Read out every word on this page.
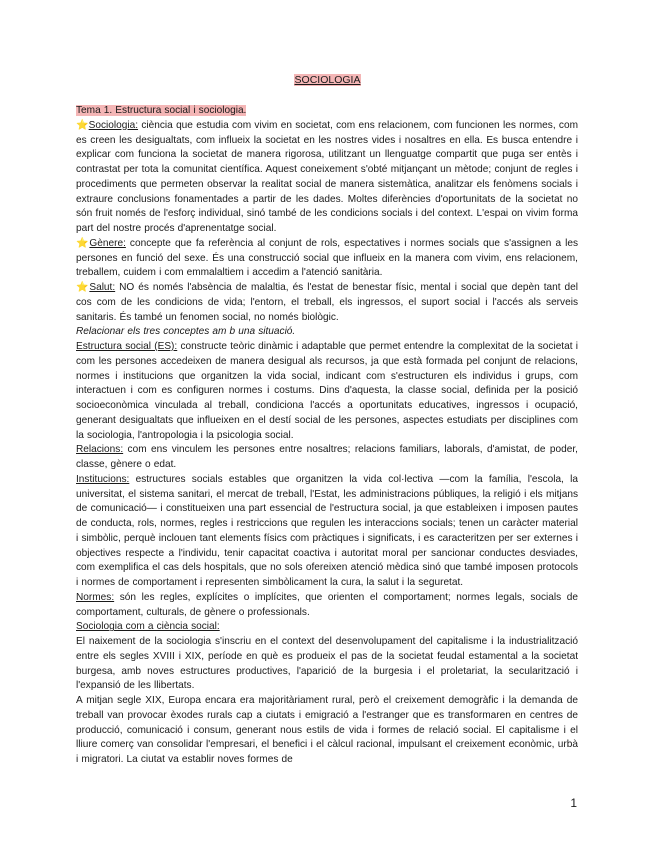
SOCIOLOGIA

Tema 1. Estructura social i sociologia.

⭐Sociologia: ciència que estudia com vivim en societat, com ens relacionem, com funcionen les normes, com es creen les desigualtats, com influeix la societat en les nostres vides i nosaltres en ella. Es busca entendre i explicar com funciona la societat de manera rigorosa, utilitzant un llenguatge compartit que puga ser entès i contrastat per tota la comunitat científica. Aquest coneixement s'obté mitjançant un mètode; conjunt de regles i procediments que permeten observar la realitat social de manera sistemàtica, analitzar els fenòmens socials i extraure conclusions fonamentades a partir de les dades. Moltes diferències d'oportunitats de la societat no són fruit només de l'esforç individual, sinó també de les condicions socials i del context. L'espai on vivim forma part del nostre procés d'aprenentatge social.

⭐Gènere: concepte que fa referència al conjunt de rols, espectatives i normes socials que s'assignen a les persones en funció del sexe. És una construcció social que influeix en la manera com vivim, ens relacionem, treballem, cuidem i com emmalaltiem i accedim a l'atenció sanitària.

⭐Salut: NO és només l'absència de malaltia, és l'estat de benestar físic, mental i social que depèn tant del cos com de les condicions de vida; l'entorn, el treball, els ingressos, el suport social i l'accés als serveis sanitaris. És també un fenomen social, no només biològic.

Relacionar els tres conceptes am b una situació.

Estructura social (ES): constructe teòric dinàmic i adaptable que permet entendre la complexitat de la societat i com les persones accedeixen de manera desigual als recursos, ja que està formada pel conjunt de relacions, normes i institucions que organitzen la vida social, indicant com s'estructuren els individus i grups, com interactuen i com es configuren normes i costums. Dins d'aquesta, la classe social, definida per la posició socioeconòmica vinculada al treball, condiciona l'accés a oportunitats educatives, ingressos i ocupació, generant desigualtats que influeixen en el destí social de les persones, aspectes estudiats per disciplines com la sociologia, l'antropologia i la psicologia social.

Relacions: com ens vinculem les persones entre nosaltres; relacions familiars, laborals, d'amistat, de poder, classe, gènere o edat.

Institucions: estructures socials estables que organitzen la vida col·lectiva —com la família, l'escola, la universitat, el sistema sanitari, el mercat de treball, l'Estat, les administracions públiques, la religió i els mitjans de comunicació— i constitueixen una part essencial de l'estructura social, ja que estableixen i imposen pautes de conducta, rols, normes, regles i restriccions que regulen les interaccions socials; tenen un caràcter material i simbòlic, perquè inclouen tant elements físics com pràctiques i significats, i es caracteritzen per ser externes i objectives respecte a l'individu, tenir capacitat coactiva i autoritat moral per sancionar conductes desviades, com exemplifica el cas dels hospitals, que no sols ofereixen atenció mèdica sinó que també imposen protocols i normes de comportament i representen simbòlicament la cura, la salut i la seguretat.

Normes: són les regles, explícites o implícites, que orienten el comportament; normes legals, socials de comportament, culturals, de gènere o professionals.

Sociologia com a ciència social:

El naixement de la sociologia s'inscriu en el context del desenvolupament del capitalisme i la industrialització entre els segles XVIII i XIX, període en què es produeix el pas de la societat feudal estamental a la societat burgesa, amb noves estructures productives, l'aparició de la burgesia i el proletariat, la secularització i l'expansió de les llibertats.

A mitjan segle XIX, Europa encara era majoritàriament rural, però el creixement demogràfic i la demanda de treball van provocar èxodes rurals cap a ciutats i emigració a l'estranger que es transformaren en centres de producció, comunicació i consum, generant nous estils de vida i formes de relació social. El capitalisme i el lliure comerç van consolidar l'empresari, el benefici i el càlcul racional, impulsant el creixement econòmic, urbà i migratori. La ciutat va establir noves formes de

1
